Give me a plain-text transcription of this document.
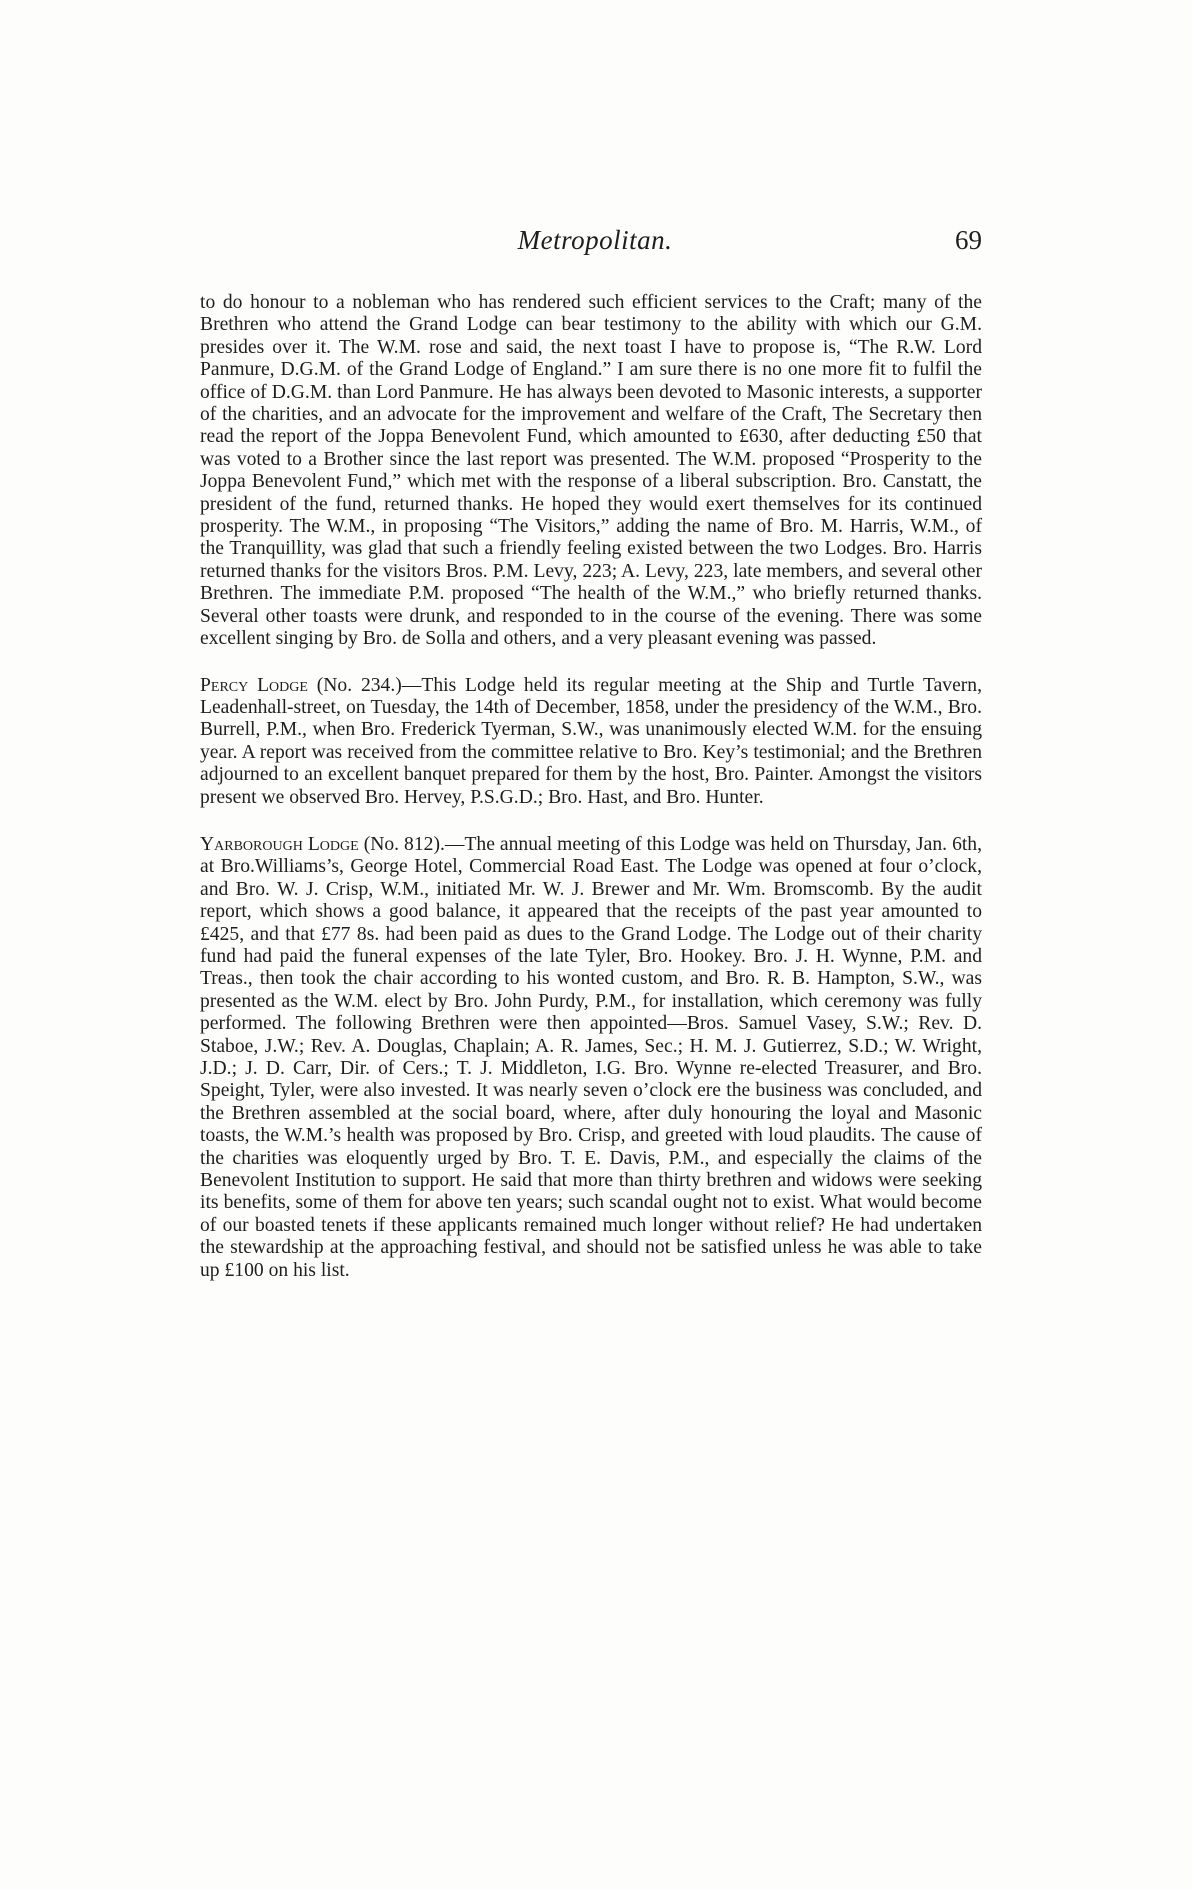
Metropolitan.	69

to do honour to a nobleman who has rendered such efficient services to the Craft; many of the Brethren who attend the Grand Lodge can bear testimony to the ability with which our G.M. presides over it. The W.M. rose and said, the next toast I have to propose is, “The R.W. Lord Panmure, D.G.M. of the Grand Lodge of England.” I am sure there is no one more fit to fulfil the office of D.G.M. than Lord Panmure. He has always been devoted to Masonic interests, a supporter of the charities, and an advocate for the improvement and welfare of the Craft, The Secretary then read the report of the Joppa Benevolent Fund, which amounted to £630, after deducting £50 that was voted to a Brother since the last report was presented. The W.M. proposed “Prosperity to the Joppa Benevolent Fund,” which met with the response of a liberal subscription. Bro. Canstatt, the president of the fund, returned thanks. He hoped they would exert themselves for its continued prosperity. The W.M., in proposing “The Visitors,” adding the name of Bro. M. Harris, W.M., of the Tranquillity, was glad that such a friendly feeling existed between the two Lodges. Bro. Harris returned thanks for the visitors Bros. P.M. Levy, 223; A. Levy, 223, late members, and several other Brethren. The immediate P.M. proposed “The health of the W.M.,” who briefly returned thanks. Several other toasts were drunk, and responded to in the course of the evening. There was some excellent singing by Bro. de Solla and others, and a very pleasant evening was passed.

Percy Lodge (No. 234.)—This Lodge held its regular meeting at the Ship and Turtle Tavern, Leadenhall-street, on Tuesday, the 14th of December, 1858, under the presidency of the W.M., Bro. Burrell, P.M., when Bro. Frederick Tyerman, S.W., was unanimously elected W.M. for the ensuing year. A report was received from the committee relative to Bro. Key’s testimonial; and the Brethren adjourned to an excellent banquet prepared for them by the host, Bro. Painter. Amongst the visitors present we observed Bro. Hervey, P.S.G.D.; Bro. Hast, and Bro. Hunter.

Yarborough Lodge (No. 812).—The annual meeting of this Lodge was held on Thursday, Jan. 6th, at Bro.Williams’s, George Hotel, Commercial Road East. The Lodge was opened at four o’clock, and Bro. W. J. Crisp, W.M., initiated Mr. W. J. Brewer and Mr. Wm. Bromscomb. By the audit report, which shows a good balance, it appeared that the receipts of the past year amounted to £425, and that £77 8s. had been paid as dues to the Grand Lodge. The Lodge out of their charity fund had paid the funeral expenses of the late Tyler, Bro. Hookey. Bro. J. H. Wynne, P.M. and Treas., then took the chair according to his wonted custom, and Bro. R. B. Hampton, S.W., was presented as the W.M. elect by Bro. John Purdy, P.M., for installation, which ceremony was fully performed. The following Brethren were then appointed—Bros. Samuel Vasey, S.W.; Rev. D. Staboe, J.W.; Rev. A. Douglas, Chaplain; A. R. James, Sec.; H. M. J. Gutierrez, S.D.; W. Wright, J.D.; J. D. Carr, Dir. of Cers.; T. J. Middleton, I.G. Bro. Wynne re-elected Treasurer, and Bro. Speight, Tyler, were also invested. It was nearly seven o’clock ere the business was concluded, and the Brethren assembled at the social board, where, after duly honouring the loyal and Masonic toasts, the W.M.’s health was proposed by Bro. Crisp, and greeted with loud plaudits. The cause of the charities was eloquently urged by Bro. T. E. Davis, P.M., and especially the claims of the Benevolent Institution to support. He said that more than thirty brethren and widows were seeking its benefits, some of them for above ten years; such scandal ought not to exist. What would become of our boasted tenets if these applicants remained much longer without relief? He had undertaken the stewardship at the approaching festival, and should not be satisfied unless he was able to take up £100 on his list.
